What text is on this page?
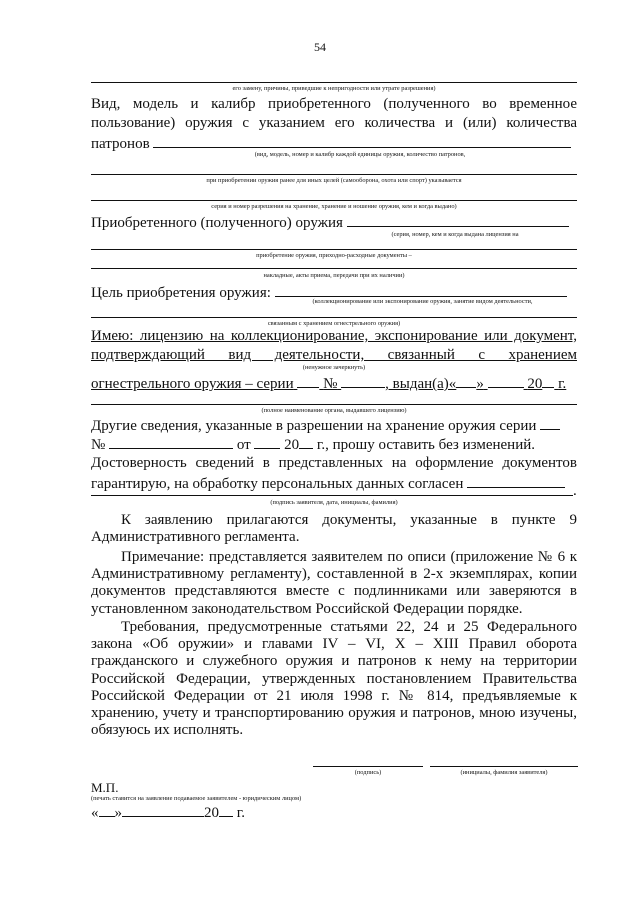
54
его замену, причины, приведшие к непригодности или утрате разрешения)
Вид, модель и калибр приобретенного (полученного во временное
пользование) оружия с указанием его количества и (или) количества
патронов
(вид, модель, номер и калибр каждой единицы оружия, количество патронов,
при приобретении оружия ранее для иных целей (самооборона, охота или спорт) указывается
серия и номер разрешения на хранение, хранение и ношение оружия, кем и когда выдано)
Приобретенного (полученного) оружия
(серия, номер, кем и когда выдана лицензия на
приобретение оружия, приходно-расходные документы –
накладные, акты приема, передачи при их наличии)
Цель приобретения оружия:
(коллекционирование или экспонирование оружия, занятие видом деятельности,
связанным с хранением огнестрельного оружия)
Имею: лицензию на коллекционирование, экспонирование или документ,
подтверждающий вид деятельности, связанный с хранением
(ненужное зачеркнуть)
огнестрельного оружия – серии №	, выдан(а)« »	20 г.
(полное наименование органа, выдавшего лицензию)
Другие сведения, указанные в разрешении на хранение оружия серии
№	от 20 г., прошу оставить без изменений.
Достоверность сведений в представленных на оформление документов
гарантирую, на обработку персональных данных согласен	.
(подпись заявителя, дата, инициалы, фамилия)
К заявлению прилагаются документы, указанные в пункте 9 Административного регламента.
Примечание: представляется заявителем по описи (приложение № 6 к Административному регламенту), составленной в 2-х экземплярах, копии документов представляются вместе с подлинниками или заверяются в установленном законодательством Российской Федерации порядке.
Требования, предусмотренные статьями 22, 24 и 25 Федерального закона «Об оружии» и главами IV – VI, X – XIII Правил оборота гражданского и служебного оружия и патронов к нему на территории Российской Федерации, утвержденных постановлением Правительства Российской Федерации от 21 июля 1998 г. № 814, предъявляемые к хранению, учету и транспортированию оружия и патронов, мною изучены, обязуюсь их исполнять.
(подпись)	(инициалы, фамилия заявителя)
М.П.
(печать ставится на заявление подаваемое заявителем - юридическим лицом)
« »	20 г.
